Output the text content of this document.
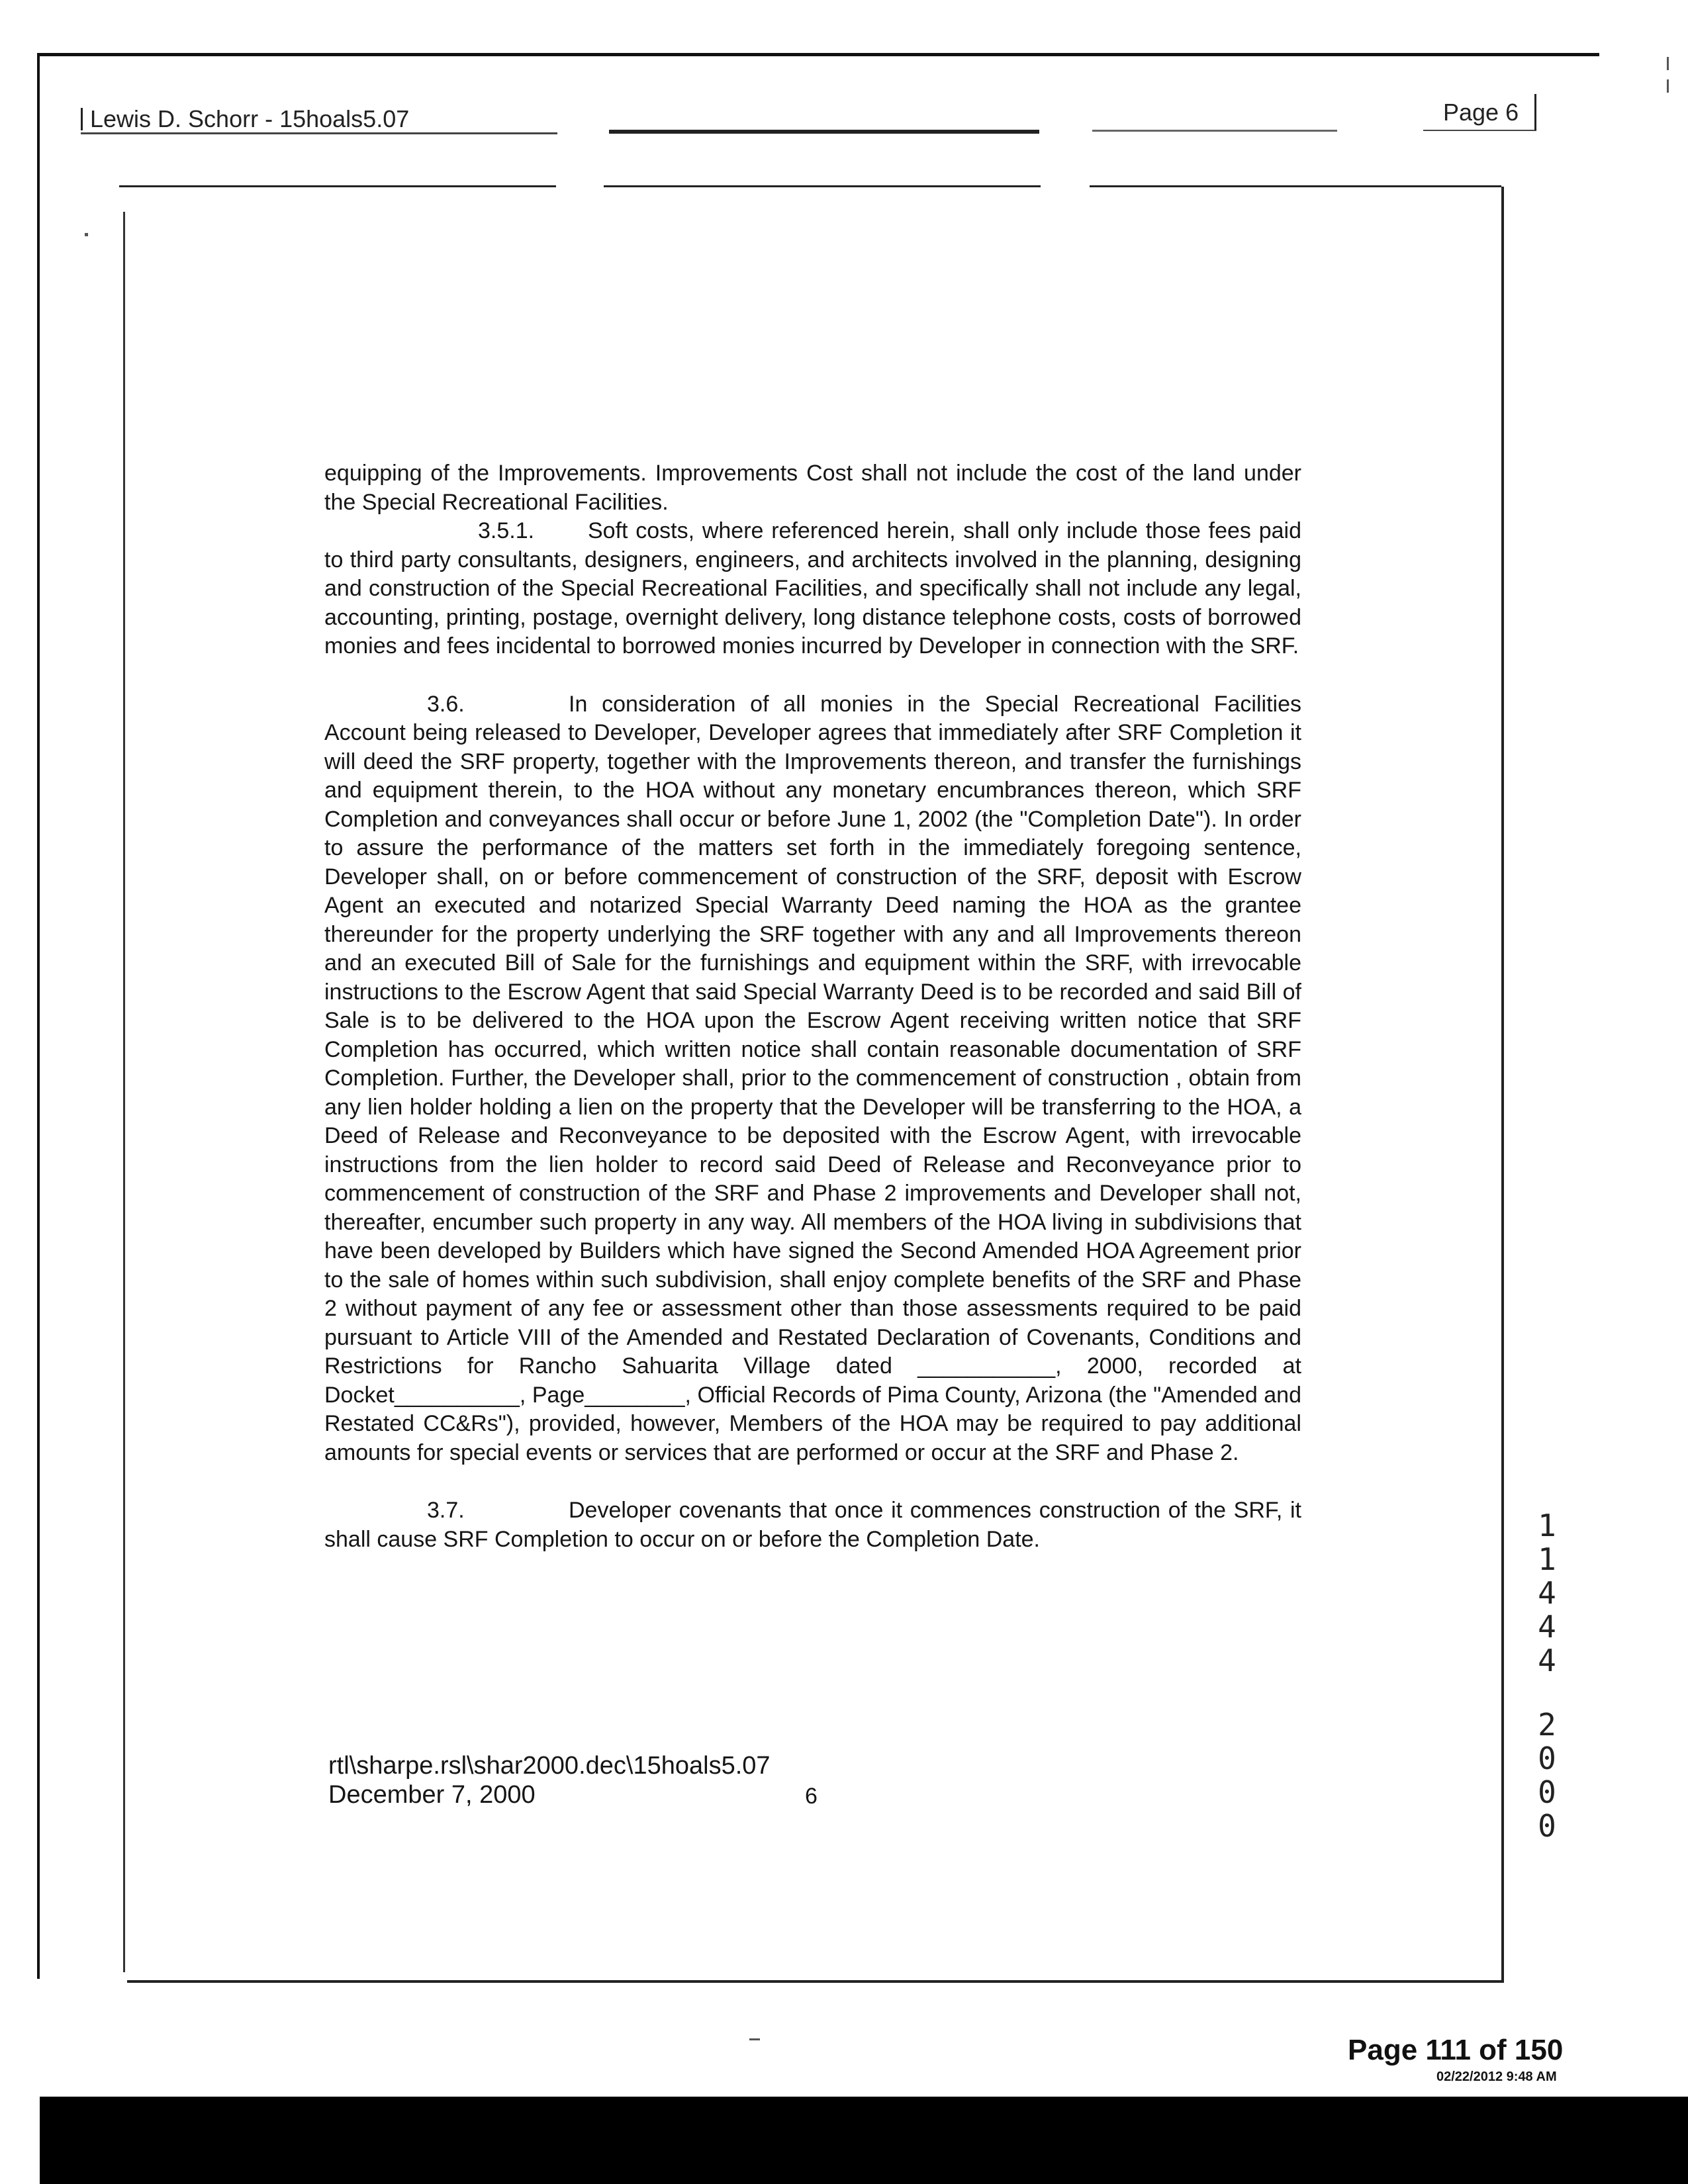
Lewis D. Schorr - 15hoals5.07	Page 6

equipping of the Improvements. Improvements Cost shall not include the cost of the land under the Special Recreational Facilities.

3.5.1. Soft costs, where referenced herein, shall only include those fees paid to third party consultants, designers, engineers, and architects involved in the planning, designing and construction of the Special Recreational Facilities, and specifically shall not include any legal, accounting, printing, postage, overnight delivery, long distance telephone costs, costs of borrowed monies and fees incidental to borrowed monies incurred by Developer in connection with the SRF.

3.6.	In consideration of all monies in the Special Recreational Facilities Account being released to Developer, Developer agrees that immediately after SRF Completion it will deed the SRF property, together with the Improvements thereon, and transfer the furnishings and equipment therein, to the HOA without any monetary encumbrances thereon, which SRF Completion and conveyances shall occur or before June 1, 2002 (the "Completion Date"). In order to assure the performance of the matters set forth in the immediately foregoing sentence, Developer shall, on or before commencement of construction of the SRF, deposit with Escrow Agent an executed and notarized Special Warranty Deed naming the HOA as the grantee thereunder for the property underlying the SRF together with any and all Improvements thereon and an executed Bill of Sale for the furnishings and equipment within the SRF, with irrevocable instructions to the Escrow Agent that said Special Warranty Deed is to be recorded and said Bill of Sale is to be delivered to the HOA upon the Escrow Agent receiving written notice that SRF Completion has occurred, which written notice shall contain reasonable documentation of SRF Completion. Further, the Developer shall, prior to the commencement of construction , obtain from any lien holder holding a lien on the property that the Developer will be transferring to the HOA, a Deed of Release and Reconveyance to be deposited with the Escrow Agent, with irrevocable instructions from the lien holder to record said Deed of Release and Reconveyance prior to commencement of construction of the SRF and Phase 2 improvements and Developer shall not, thereafter, encumber such property in any way. All members of the HOA living in subdivisions that have been developed by Builders which have signed the Second Amended HOA Agreement prior to the sale of homes within such subdivision, shall enjoy complete benefits of the SRF and Phase 2 without payment of any fee or assessment other than those assessments required to be paid pursuant to Article VIII of the Amended and Restated Declaration of Covenants, Conditions and Restrictions for Rancho Sahuarita Village dated ___________, 2000, recorded at Docket__________, Page________, Official Records of Pima County, Arizona (the "Amended and Restated CC&Rs"), provided, however, Members of the HOA may be required to pay additional amounts for special events or services that are performed or occur at the SRF and Phase 2.

3.7.	Developer covenants that once it commences construction of the SRF, it shall cause SRF Completion to occur on or before the Completion Date.

rtl\sharpe.rsl\shar2000.dec\15hoals5.07
December 7, 2000	6
1
1
4
4
4
2
0
0
0
Page 111 of 150
02/22/2012 9:48 AM
